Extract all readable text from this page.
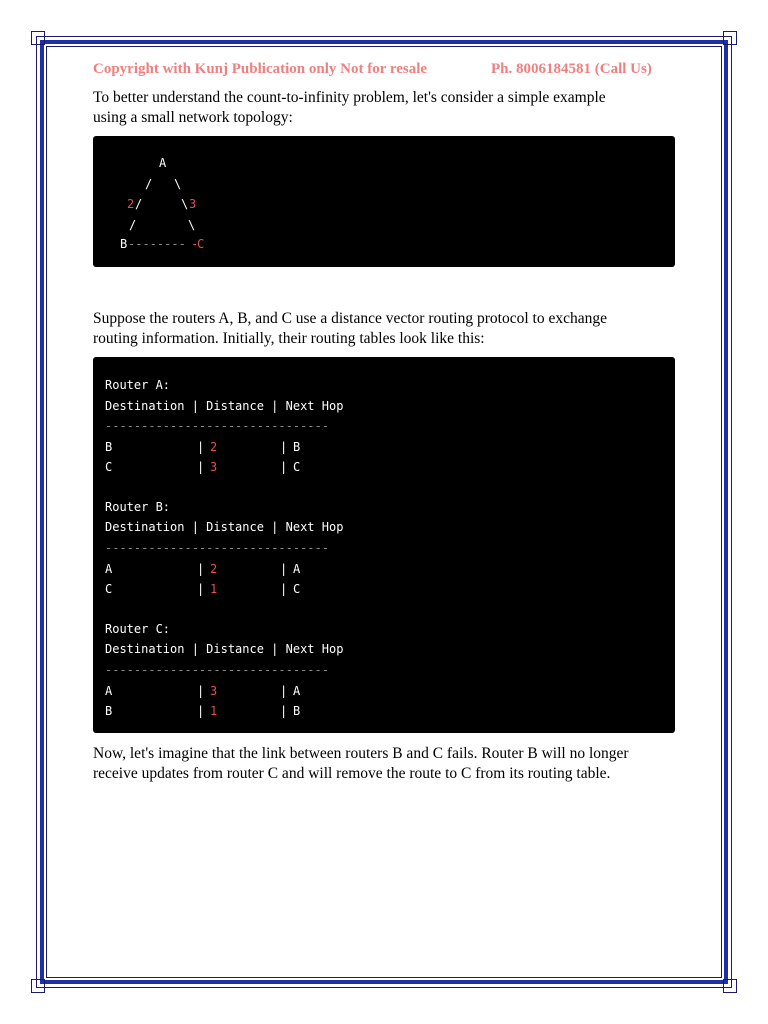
Copyright with Kunj Publication only Not for resale	Ph. 8006184581 (Call Us)
To better understand the count-to-infinity problem, let's consider a simple example
using a small network topology:
A
/ \
2 /	\ 3
/	\
B -------- -
C
Suppose the routers A, B, and C use a distance vector routing protocol to exchange
routing information. Initially, their routing tables look like this:
Router A:
Destination | Distance | Next Hop
-------------------------------
B	| 2	| B
C	| 3	| C
Router B:
Destination | Distance | Next Hop
-------------------------------
A	| 2	| A
C	| 1	| C
Router C:
Destination | Distance | Next Hop
-------------------------------
A	| 3	| A
B	| 1	| B
Now, let's imagine that the link between routers B and C fails. Router B will no longer
receive updates from router C and will remove the route to C from its routing table.
